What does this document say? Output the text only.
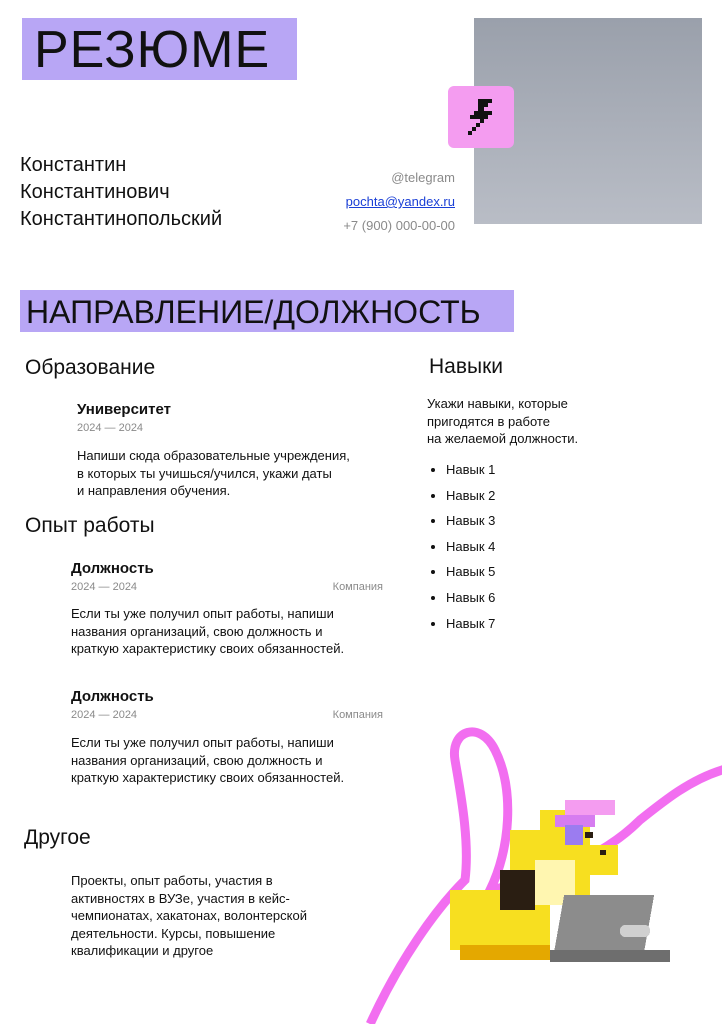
РЕЗЮМЕ
Константин
Константинович
Константинопольский
@telegram
pochta@yandex.ru
+7 (900) 000-00-00
НАПРАВЛЕНИЕ/ДОЛЖНОСТЬ
Образование
Университет
2024 — 2024
Напиши сюда образовательные учреждения,
в которых ты учишься/учился, укажи даты
и направления обучения.
Опыт работы
Должность
2024 — 2024	Компания
Если ты уже получил опыт работы, напиши
названия организаций, свою должность и
краткую характеристику своих обязанностей.
Должность
2024 — 2024	Компания
Если ты уже получил опыт работы, напиши
названия организаций, свою должность и
краткую характеристику своих обязанностей.
Другое
Проекты, опыт работы, участия в
активностях в ВУЗе, участия в кейс-
чемпионатах, хакатонах, волонтерской
деятельности. Курсы, повышение
квалификации и другое
Навыки
Укажи навыки, которые
пригодятся в работе
на желаемой должности.
• Навык 1
• Навык 2
• Навык 3
• Навык 4
• Навык 5
• Навык 6
• Навык 7
